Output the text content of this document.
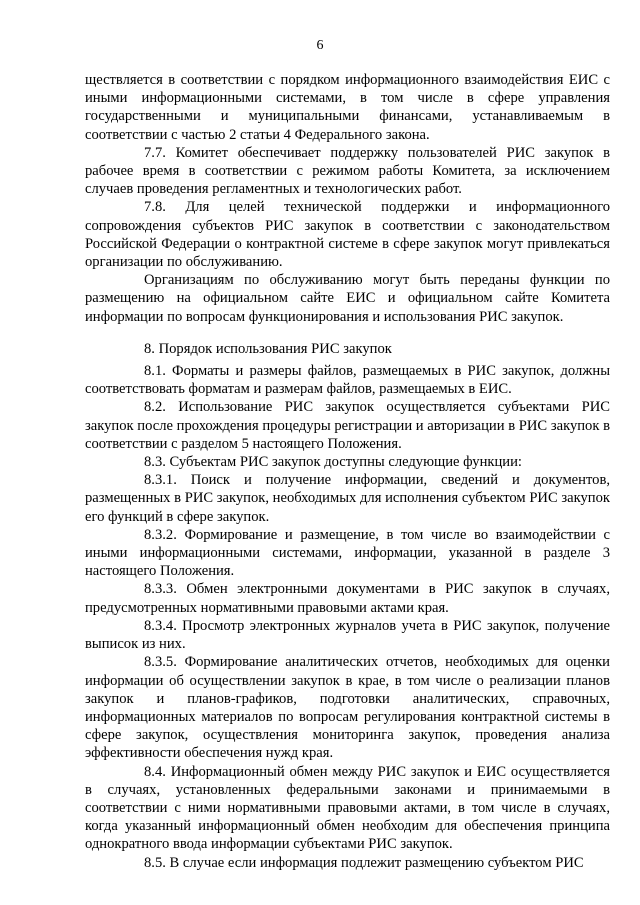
6

ществляется в соответствии с порядком информационного взаимодействия ЕИС с иными информационными системами, в том числе в сфере управления государственными и муниципальными финансами, устанавливаемым в соответствии с частью 2 статьи 4 Федерального закона.

7.7. Комитет обеспечивает поддержку пользователей РИС закупок в рабочее время в соответствии с режимом работы Комитета, за исключением случаев проведения регламентных и технологических работ.

7.8. Для целей технической поддержки и информационного сопровождения субъектов РИС закупок в соответствии с законодательством Российской Федерации о контрактной системе в сфере закупок могут привлекаться организации по обслуживанию.

Организациям по обслуживанию могут быть переданы функции по размещению на официальном сайте ЕИС и официальном сайте Комитета информации по вопросам функционирования и использования РИС закупок.

8. Порядок использования РИС закупок

8.1. Форматы и размеры файлов, размещаемых в РИС закупок, должны соответствовать форматам и размерам файлов, размещаемых в ЕИС.

8.2. Использование РИС закупок осуществляется субъектами РИС закупок после прохождения процедуры регистрации и авторизации в РИС закупок в соответствии с разделом 5 настоящего Положения.

8.3. Субъектам РИС закупок доступны следующие функции:

8.3.1. Поиск и получение информации, сведений и документов, размещенных в РИС закупок, необходимых для исполнения субъектом РИС закупок его функций в сфере закупок.

8.3.2. Формирование и размещение, в том числе во взаимодействии с иными информационными системами, информации, указанной в разделе 3 настоящего Положения.

8.3.3. Обмен электронными документами в РИС закупок в случаях, предусмотренных нормативными правовыми актами края.

8.3.4. Просмотр электронных журналов учета в РИС закупок, получение выписок из них.

8.3.5. Формирование аналитических отчетов, необходимых для оценки информации об осуществлении закупок в крае, в том числе о реализации планов закупок и планов-графиков, подготовки аналитических, справочных, информационных материалов по вопросам регулирования контрактной системы в сфере закупок, осуществления мониторинга закупок, проведения анализа эффективности обеспечения нужд края.

8.4. Информационный обмен между РИС закупок и ЕИС осуществляется в случаях, установленных федеральными законами и принимаемыми в соответствии с ними нормативными правовыми актами, в том числе в случаях, когда указанный информационный обмен необходим для обеспечения принципа однократного ввода информации субъектами РИС закупок.

8.5. В случае если информация подлежит размещению субъектом РИС
